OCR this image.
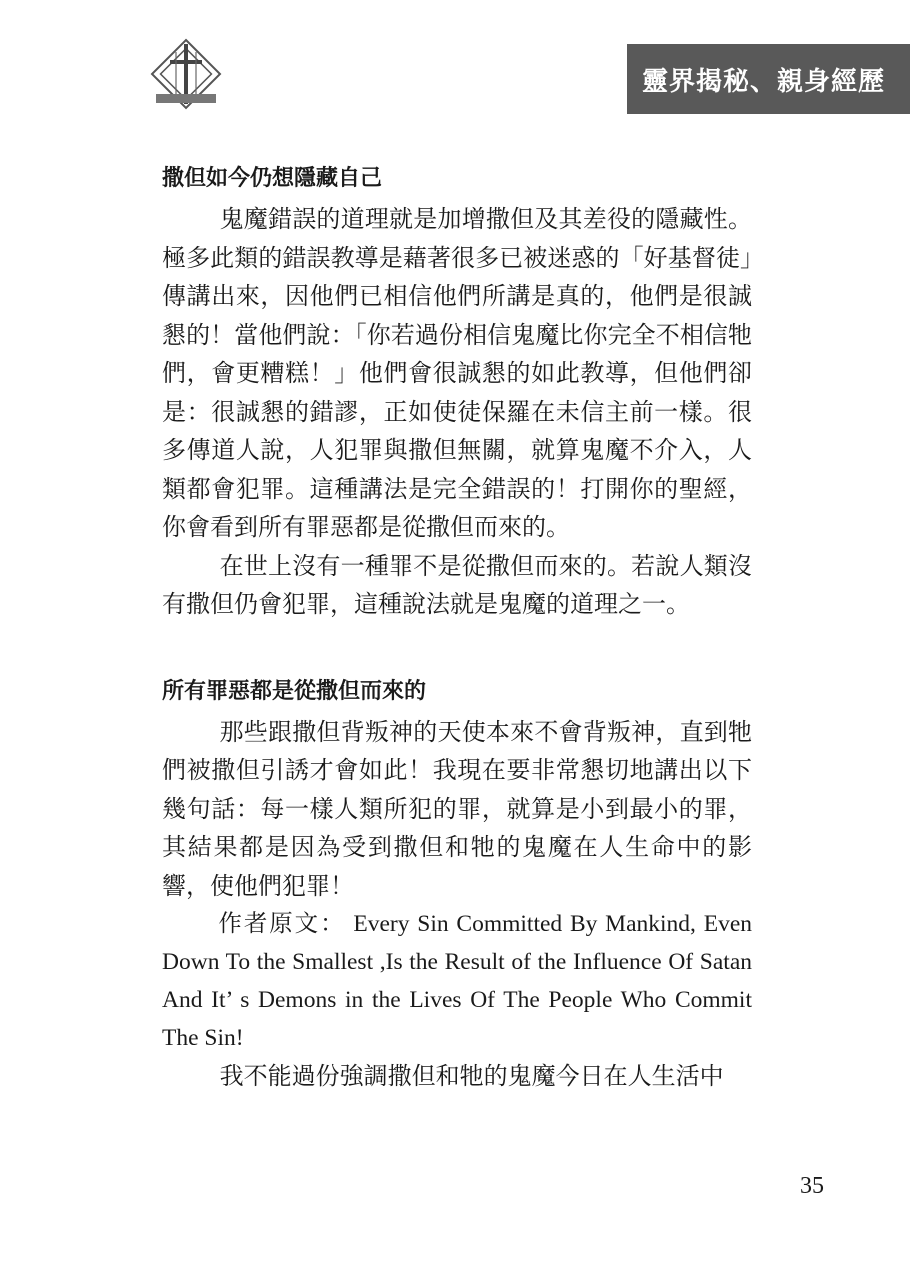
靈界揭秘、親身經歷
撒但如今仍想隱藏自己

鬼魔錯誤的道理就是加增撒但及其差役的隱藏性。極多此類的錯誤教導是藉著很多已被迷惑的「好基督徒」傳講出來，因他們已相信他們所講是真的，他們是很誠懇的！當他們說：「你若過份相信鬼魔比你完全不相信牠們，會更糟糕！」他們會很誠懇的如此教導，但他們卻是：很誠懇的錯謬，正如使徒保羅在未信主前一樣。很多傳道人說，人犯罪與撒但無關，就算鬼魔不介入，人類都會犯罪。這種講法是完全錯誤的！打開你的聖經，你會看到所有罪惡都是從撒但而來的。

在世上沒有一種罪不是從撒但而來的。若說人類沒有撒但仍會犯罪，這種說法就是鬼魔的道理之一。

所有罪惡都是從撒但而來的

那些跟撒但背叛神的天使本來不會背叛神，直到牠們被撒但引誘才會如此！我現在要非常懇切地講出以下幾句話：每一樣人類所犯的罪，就算是小到最小的罪，其結果都是因為受到撒但和牠的鬼魔在人生命中的影響，使他們犯罪！

作者原文： Every Sin Committed By Mankind, Even Down To the Smallest ,Is the Result of the Influence Of Satan And It’ s Demons in the Lives Of The People Who Commit The Sin!

我不能過份強調撒但和牠的鬼魔今日在人生活中

35
